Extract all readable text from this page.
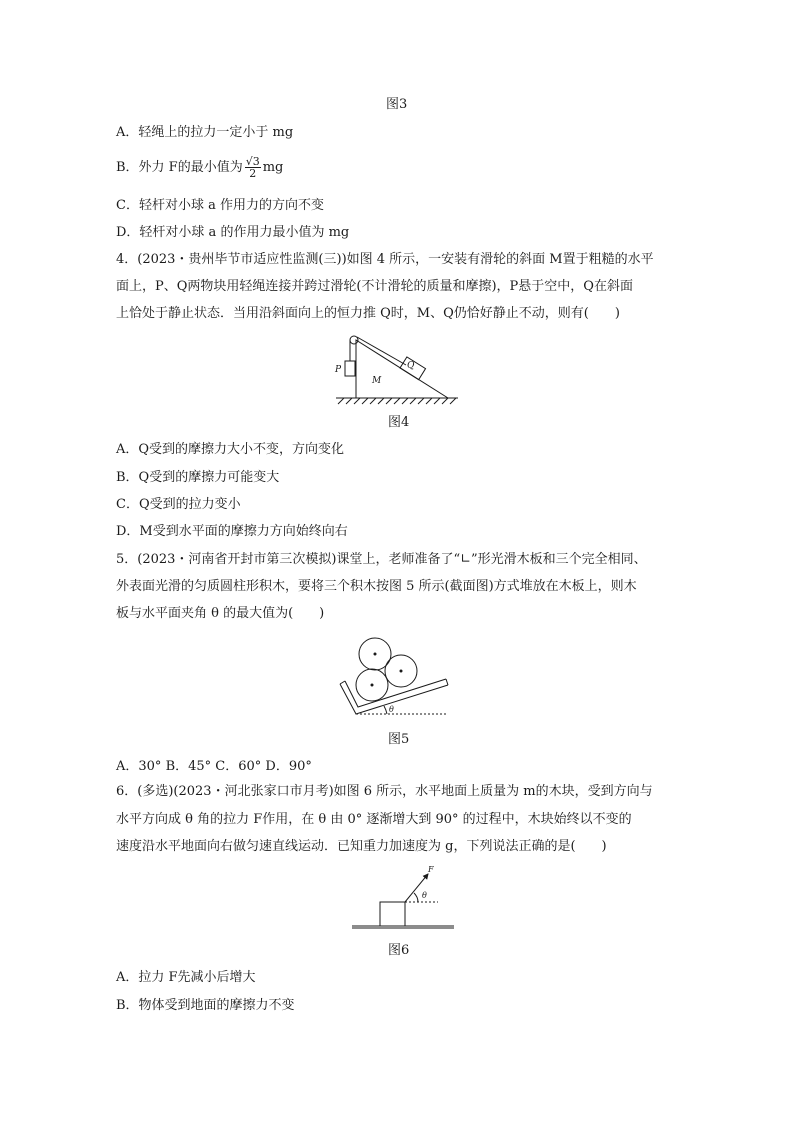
图3
A．轻绳上的拉力一定小于 mg
B．外力 F的最小值为 $\frac{√3}{2}$ mg
C．轻杆对小球 a 作用力的方向不变
D．轻杆对小球 a 的作用力最小值为 mg
4．(2023・贵州毕节市适应性监测(三))如图 4 所示，一安装有滑轮的斜面 M置于粗糙的水平
面上，P、Q两物块用轻绳连接并跨过滑轮(不计滑轮的质量和摩擦)，P悬于空中，Q在斜面
上恰处于静止状态．当用沿斜面向上的恒力推 Q时，M、Q仍恰好静止不动，则有(　　)
P	Q
M
图4
A．Q受到的摩擦力大小不变，方向变化
B．Q受到的摩擦力可能变大
C．Q受到的拉力变小
D．M受到水平面的摩擦力方向始终向右
5．(2023・河南省开封市第三次模拟)课堂上，老师准备了“∟”形光滑木板和三个完全相同、
外表面光滑的匀质圆柱形积木，要将三个积木按图 5 所示(截面图)方式堆放在木板上，则木
板与水平面夹角 θ 的最大值为(　　)
θ
图5
A．30° B．45° C．60° D．90°
6．(多选)(2023・河北张家口市月考)如图 6 所示，水平地面上质量为 m的木块，受到方向与
水平方向成 θ 角的拉力 F作用，在 θ 由 0° 逐渐增大到 90° 的过程中，木块始终以不变的
速度沿水平地面向右做匀速直线运动．已知重力加速度为 g，下列说法正确的是(　　)
F
θ
图6
A．拉力 F先减小后增大
B．物体受到地面的摩擦力不变
